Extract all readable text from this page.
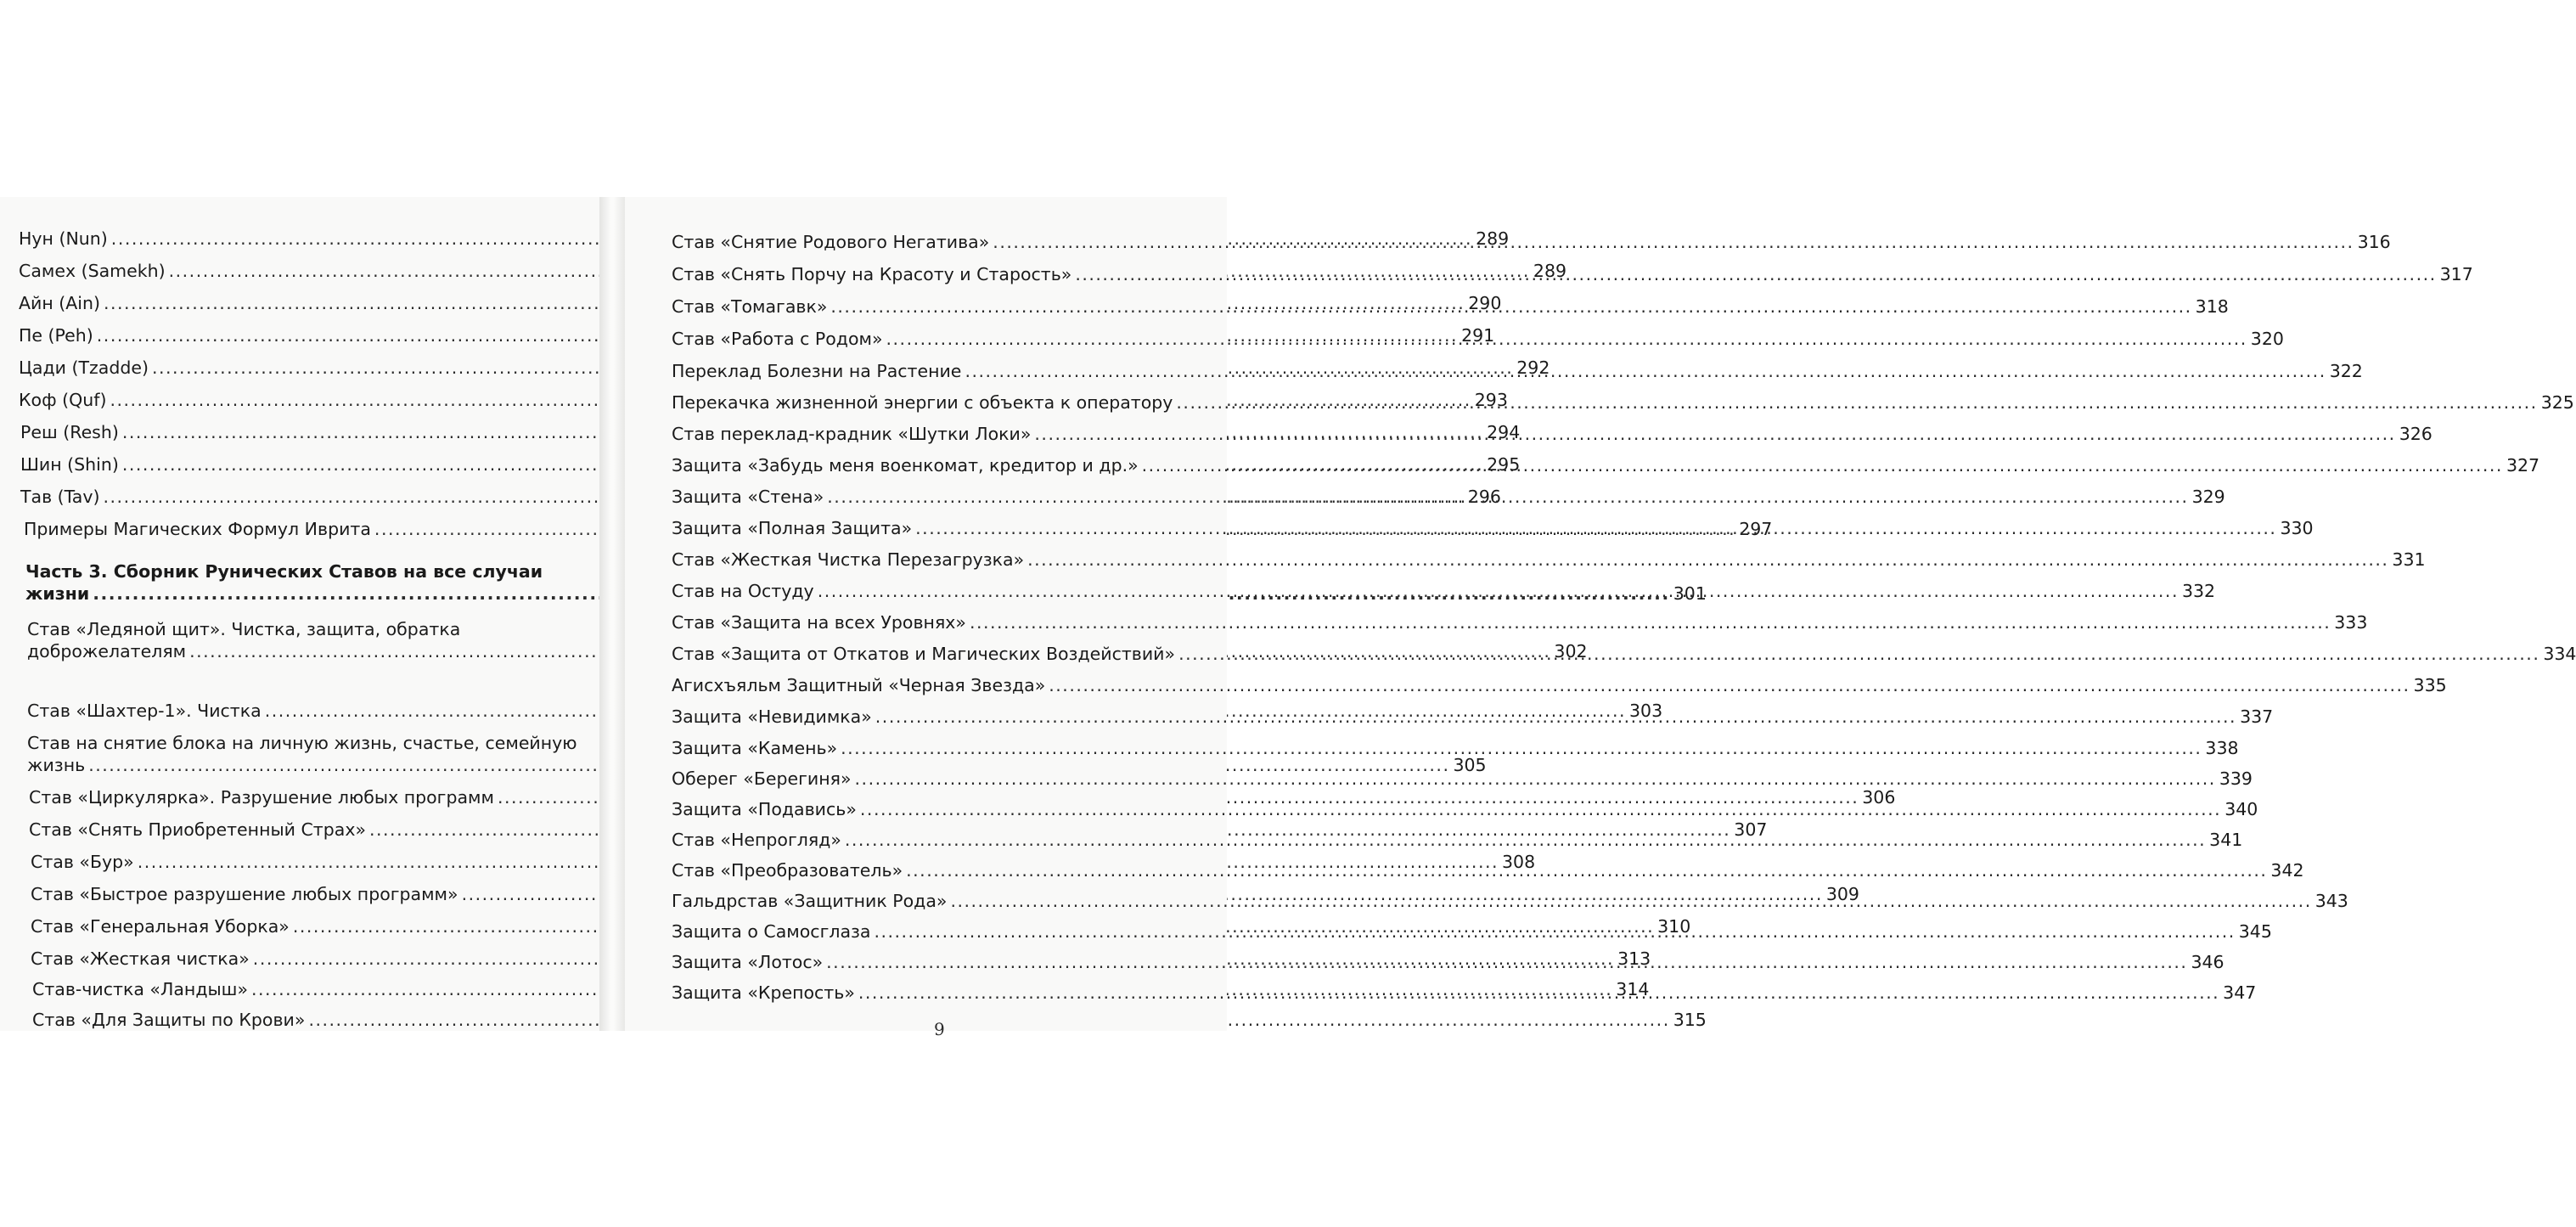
Нун (Nun) .....	289
Самех (Samekh) .....	289
Айн (Ain) .....	290
Пе (Peh) .....	291
Цади (Tzadde) .....	292
Коф (Quf) .....	293
Реш (Resh) .....	294
Шин (Shin) .....	295
Тав (Tav) .....	296
Примеры Магических Формул Иврита .....	297
Часть 3. Сборник Рунических Ставов на все случаи
жизни .....	301
Став «Ледяной щит». Чистка, защита, обратка
доброжелателям .....	302
Став «Шахтер-1». Чистка .....	303
Став на снятие блока на личную жизнь, счастье, семейную
жизнь .....	305
Став «Циркулярка». Разрушение любых программ .....	306
Став «Снять Приобретенный Страх» .....	307
Став «Бур» .....	308
Став «Быстрое разрушение любых программ» .....	309
Став «Генеральная Уборка» .....	310
Став «Жесткая чистка» .....	313
Став-чистка «Ландыш» .....	314
Став «Для Защиты по Крови» .....	315
Став «Снятие Родового Негатива» .....	316
Став «Снять Порчу на Красоту и Старость» .....	317
Став «Томагавк» .....	318
Став «Работа с Родом» .....	320
Переклад Болезни на Растение .....	322
Перекачка жизненной энергии с объекта к оператору .....	325
Став переклад-крадник «Шутки Локи» .....	326
Защита «Забудь меня военкомат, кредитор и др.» .....	327
Защита «Стена» .....	329
Защита «Полная Защита» .....	330
Став «Жесткая Чистка Перезагрузка» .....	331
Став на Остуду .....	332
Став «Защита на всех Уровнях» .....	333
Став «Защита от Откатов и Магических Воздействий» .....	334
Агисхъяльм Защитный «Черная Звезда» .....	335
Защита «Невидимка» .....	337
Защита «Камень» .....	338
Оберег «Берегиня» .....	339
Защита «Подавись» .....	340
Став «Непрогляд» .....	341
Став «Преобразователь» .....	342
Гальдрстав «Защитник Рода» .....	343
Защита о Самосглаза .....	345
Защита «Лотос» .....	346
Защита «Крепость» .....	347
9
